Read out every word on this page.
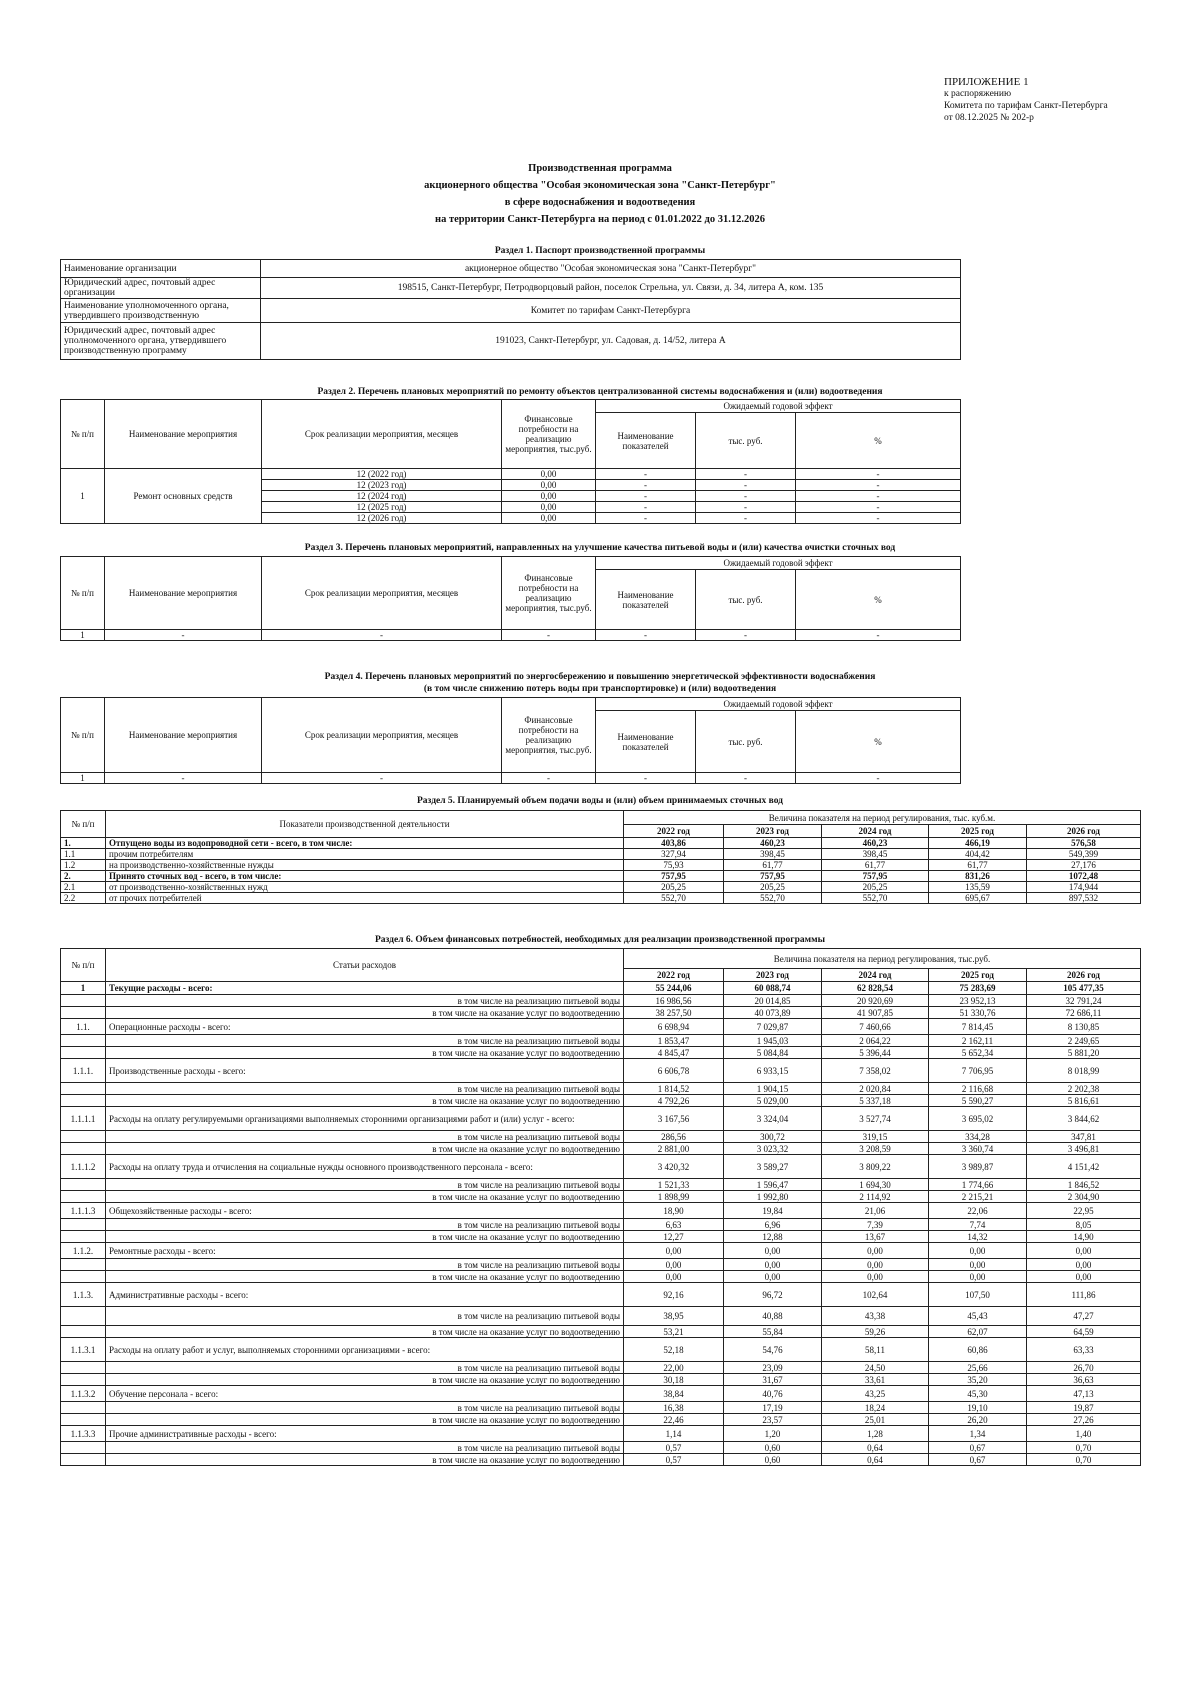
ПРИЛОЖЕНИЕ 1
к распоряжению
Комитета по тарифам Санкт-Петербурга
от 08.12.2025 № 202-р
Производственная программа
акционерного общества "Особая экономическая зона "Санкт-Петербург"
в сфере водоснабжения и водоотведения
на территории Санкт-Петербурга на период с 01.01.2022 до 31.12.2026
Раздел 1. Паспорт производственной программы
Наименование организации	акционерное общество "Особая экономическая зона "Санкт-Петербург"
Юридический адрес, почтовый адрес организации	198515, Санкт-Петербург, Петродворцовый район, поселок Стрельна, ул. Связи, д. 34, литера А, ком. 135
Наименование уполномоченного органа, утвердившего производственную	Комитет по тарифам Санкт-Петербурга
Юридический адрес, почтовый адрес уполномоченного органа, утвердившего производственную программу	191023, Санкт-Петербург, ул. Садовая, д. 14/52, литера А
Раздел 2. Перечень плановых мероприятий по ремонту объектов централизованной системы водоснабжения и (или) водоотведения
№ п/п	Наименование мероприятия	Срок реализации мероприятия, месяцев	Финансовые потребности на реализацию мероприятия, тыс.руб.	Ожидаемый годовой эффект		
				Наименование показателей	тыс. руб.	%
1	Ремонт основных средств	12 (2022 год)	0,00	-	-	-
		12 (2023 год)	0,00	-	-	-
		12 (2024 год)	0,00	-	-	-
		12 (2025 год)	0,00	-	-	-
		12 (2026 год)	0,00	-	-	-
Раздел 3. Перечень плановых мероприятий, направленных на улучшение качества питьевой воды и (или) качества очистки сточных вод
№ п/п	Наименование мероприятия	Срок реализации мероприятия, месяцев	Финансовые потребности на реализацию мероприятия, тыс.руб.	Ожидаемый годовой эффект		
				Наименование показателей	тыс. руб.	%
1	-	-	-	-	-	-
Раздел 4. Перечень плановых мероприятий по энергосбережению и повышению энергетической эффективности водоснабжения
(в том числе снижению потерь воды при транспортировке) и (или) водоотведения
№ п/п	Наименование мероприятия	Срок реализации мероприятия, месяцев	Финансовые потребности на реализацию мероприятия, тыс.руб.	Ожидаемый годовой эффект		
				Наименование показателей	тыс. руб.	%
1	-	-	-	-	-	-
Раздел 5. Планируемый объем подачи воды и (или) объем принимаемых сточных вод
№ п/п	Показатели производственной деятельности	Величина показателя на период регулирования, тыс. куб.м.				
		2022 год	2023 год	2024 год	2025 год	2026 год
1.	Отпущено воды из водопроводной сети - всего, в том числе:	403,86	460,23	460,23	466,19	576,58
1.1	прочим потребителям	327,94	398,45	398,45	404,42	549,399
1.2	на производственно-хозяйственные нужды	75,93	61,77	61,77	61,77	27,176
2.	Принято сточных вод - всего, в том числе:	757,95	757,95	757,95	831,26	1072,48
2.1	от производственно-хозяйственных нужд	205,25	205,25	205,25	135,59	174,944
2.2	от прочих потребителей	552,70	552,70	552,70	695,67	897,532
Раздел 6. Объем финансовых потребностей, необходимых для реализации производственной программы
№ п/п	Статьи расходов	Величина показателя на период регулирования, тыс.руб.				
		2022 год	2023 год	2024 год	2025 год	2026 год
1	Текущие расходы - всего:	55 244,06	60 088,74	62 828,54	75 283,69	105 477,35
	в том числе на реализацию питьевой воды	16 986,56	20 014,85	20 920,69	23 952,13	32 791,24
	в том числе на оказание услуг по водоотведению	38 257,50	40 073,89	41 907,85	51 330,76	72 686,11
1.1.	Операционные расходы - всего:	6 698,94	7 029,87	7 460,66	7 814,45	8 130,85
	в том числе на реализацию питьевой воды	1 853,47	1 945,03	2 064,22	2 162,11	2 249,65
	в том числе на оказание услуг по водоотведению	4 845,47	5 084,84	5 396,44	5 652,34	5 881,20
1.1.1.	Производственные расходы - всего:	6 606,78	6 933,15	7 358,02	7 706,95	8 018,99
	в том числе на реализацию питьевой воды	1 814,52	1 904,15	2 020,84	2 116,68	2 202,38
	в том числе на оказание услуг по водоотведению	4 792,26	5 029,00	5 337,18	5 590,27	5 816,61
1.1.1.1	Расходы на оплату регулируемыми организациями выполняемых сторонними организациями работ и (или) услуг - всего:	3 167,56	3 324,04	3 527,74	3 695,02	3 844,62
	в том числе на реализацию питьевой воды	286,56	300,72	319,15	334,28	347,81
	в том числе на оказание услуг по водоотведению	2 881,00	3 023,32	3 208,59	3 360,74	3 496,81
1.1.1.2	Расходы на оплату труда и отчисления на социальные нужды основного производственного персонала - всего:	3 420,32	3 589,27	3 809,22	3 989,87	4 151,42
	в том числе на реализацию питьевой воды	1 521,33	1 596,47	1 694,30	1 774,66	1 846,52
	в том числе на оказание услуг по водоотведению	1 898,99	1 992,80	2 114,92	2 215,21	2 304,90
1.1.1.3	Общехозяйственные расходы - всего:	18,90	19,84	21,06	22,06	22,95
	в том числе на реализацию питьевой воды	6,63	6,96	7,39	7,74	8,05
	в том числе на оказание услуг по водоотведению	12,27	12,88	13,67	14,32	14,90
1.1.2.	Ремонтные расходы - всего:	0,00	0,00	0,00	0,00	0,00
	в том числе на реализацию питьевой воды	0,00	0,00	0,00	0,00	0,00
	в том числе на оказание услуг по водоотведению	0,00	0,00	0,00	0,00	0,00
1.1.3.	Административные расходы - всего:	92,16	96,72	102,64	107,50	111,86
	в том числе на реализацию питьевой воды	38,95	40,88	43,38	45,43	47,27
	в том числе на оказание услуг по водоотведению	53,21	55,84	59,26	62,07	64,59
1.1.3.1	Расходы на оплату работ и услуг, выполняемых сторонними организациями - всего:	52,18	54,76	58,11	60,86	63,33
	в том числе на реализацию питьевой воды	22,00	23,09	24,50	25,66	26,70
	в том числе на оказание услуг по водоотведению	30,18	31,67	33,61	35,20	36,63
1.1.3.2	Обучение персонала - всего:	38,84	40,76	43,25	45,30	47,13
	в том числе на реализацию питьевой воды	16,38	17,19	18,24	19,10	19,87
	в том числе на оказание услуг по водоотведению	22,46	23,57	25,01	26,20	27,26
1.1.3.3	Прочие административные расходы - всего:	1,14	1,20	1,28	1,34	1,40
	в том числе на реализацию питьевой воды	0,57	0,60	0,64	0,67	0,70
	в том числе на оказание услуг по водоотведению	0,57	0,60	0,64	0,67	0,70
